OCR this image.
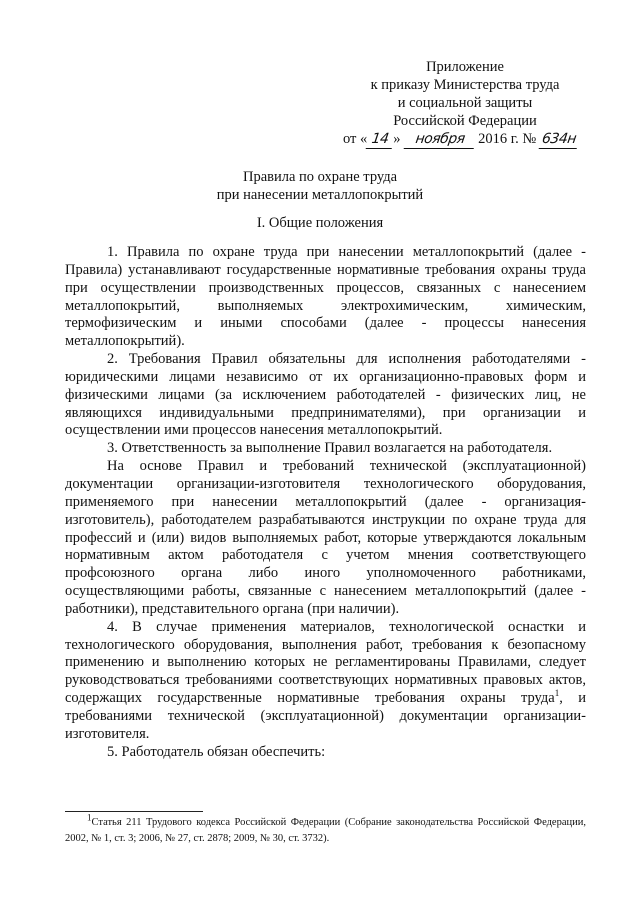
Приложение
к приказу Министерства труда
и социальной защиты
Российской Федерации
от « 14 » ноября 2016 г. № 634н
Правила по охране труда
при нанесении металлопокрытий
I. Общие положения

1. Правила по охране труда при нанесении металлопокрытий (далее - Правила) устанавливают государственные нормативные требования охраны труда при осуществлении производственных процессов, связанных с нанесением металлопокрытий, выполняемых электрохимическим, химическим, термофизическим и иными способами (далее - процессы нанесения металлопокрытий).

2. Требования Правил обязательны для исполнения работодателями - юридическими лицами независимо от их организационно-правовых форм и физическими лицами (за исключением работодателей - физических лиц, не являющихся индивидуальными предпринимателями), при организации и осуществлении ими процессов нанесения металлопокрытий.

3. Ответственность за выполнение Правил возлагается на работодателя.

На основе Правил и требований технической (эксплуатационной) документации организации-изготовителя технологического оборудования, применяемого при нанесении металлопокрытий (далее - организация-изготовитель), работодателем разрабатываются инструкции по охране труда для профессий и (или) видов выполняемых работ, которые утверждаются локальным нормативным актом работодателя с учетом мнения соответствующего профсоюзного органа либо иного уполномоченного работниками, осуществляющими работы, связанные с нанесением металлопокрытий (далее - работники), представительного органа (при наличии).

4. В случае применения материалов, технологической оснастки и технологического оборудования, выполнения работ, требования к безопасному применению и выполнению которых не регламентированы Правилами, следует руководствоваться требованиями соответствующих нормативных правовых актов, содержащих государственные нормативные требования охраны труда$^1$, и требованиями технической (эксплуатационной) документации организации-изготовителя.

5. Работодатель обязан обеспечить:

$^1$Статья 211 Трудового кодекса Российской Федерации (Собрание законодательства Российской Федерации, 2002, № 1, ст. 3; 2006, № 27, ст. 2878; 2009, № 30, ст. 3732).
